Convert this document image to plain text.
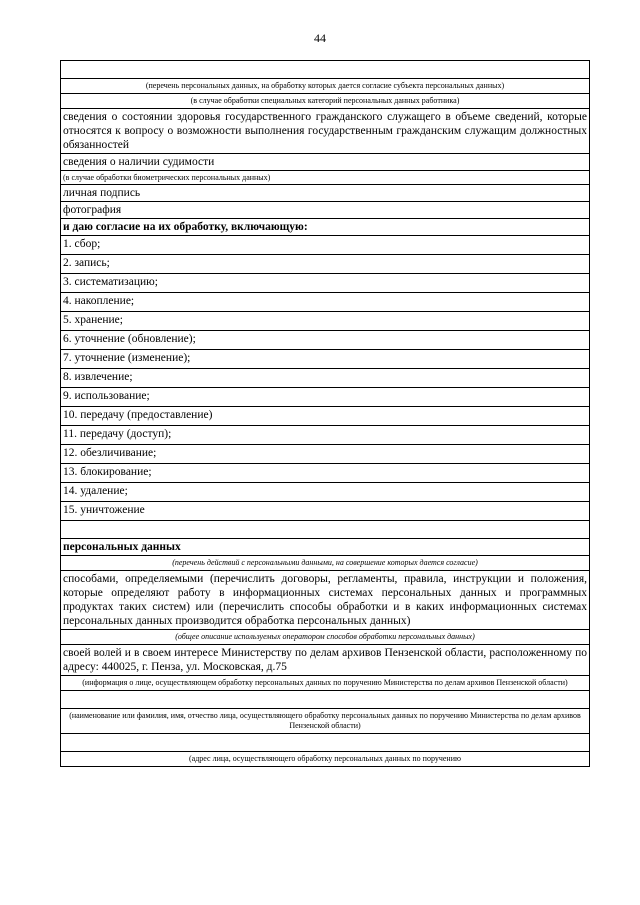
44

(перечень персональных данных, на обработку которых дается согласие субъекта персональных данных)
(в случае обработки специальных категорий персональных данных работника)
сведения о состоянии здоровья государственного гражданского служащего в объеме сведений, которые относятся к вопросу о возможности выполнения государственным гражданским служащим должностных обязанностей
сведения о наличии судимости
(в случае обработки биометрических персональных данных)
личная подпись
фотография
и даю согласие на их обработку, включающую:
1. сбор;
2. запись;
3. систематизацию;
4. накопление;
5. хранение;
6. уточнение (обновление);
7. уточнение (изменение);
8. извлечение;
9. использование;
10. передачу (предоставление)
11. передачу (доступ);
12. обезличивание;
13. блокирование;
14. удаление;
15. уничтожение

персональных данных
(перечень действий с персональными данными, на совершение которых дается согласие)
способами, определяемыми (перечислить договоры, регламенты, правила, инструкции и положения, которые определяют работу в информационных системах персональных данных и программных продуктах таких систем) или (перечислить способы обработки и в каких информационных системах персональных данных производится обработка персональных данных)
(общее описание используемых оператором способов обработки персональных данных)
своей волей и в своем интересе Министерству по делам архивов Пензенской области, расположенному по адресу: 440025, г. Пенза, ул. Московская, д.75
(информация о лице, осуществляющем обработку персональных данных по поручению Министерства по делам архивов Пензенской области)

(наименование или фамилия, имя, отчество лица, осуществляющего обработку персональных данных по поручению Министерства по делам архивов Пензенской области)

(адрес лица, осуществляющего обработку персональных данных по поручению
